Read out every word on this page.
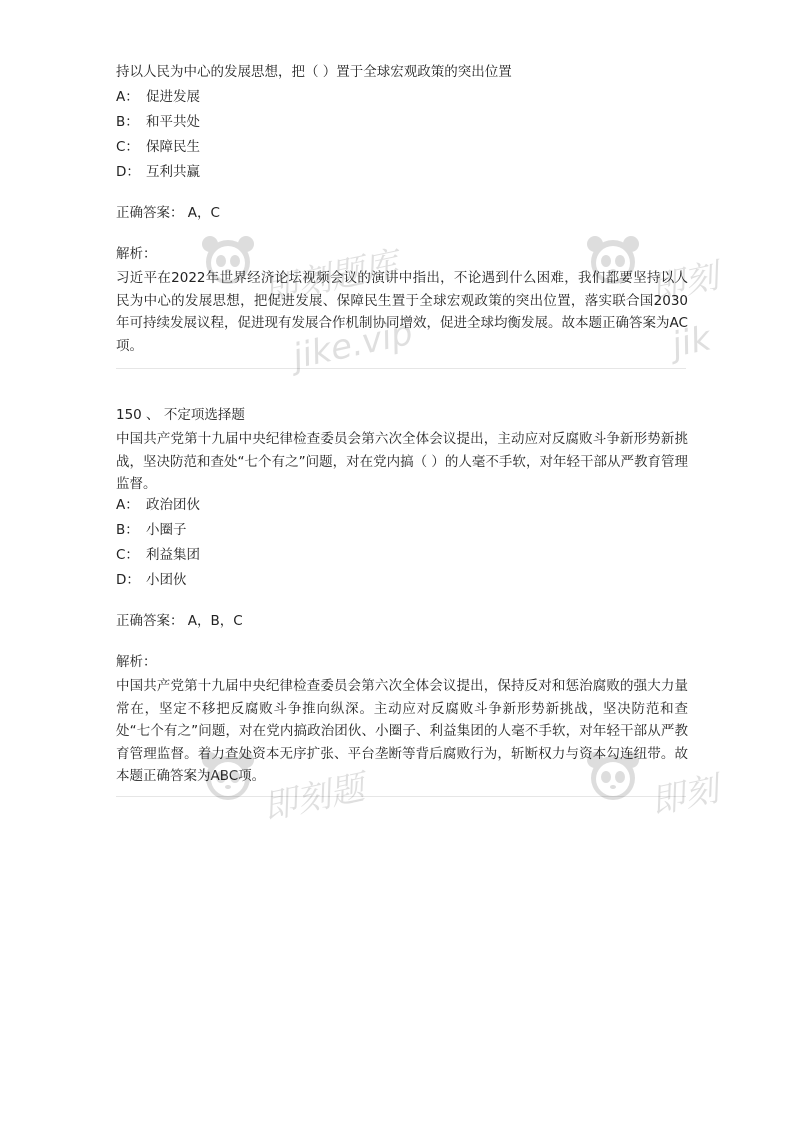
持以人民为中心的发展思想，把（ ）置于全球宏观政策的突出位置
A： 促进发展
B： 和平共处
C： 保障民生
D： 互利共赢
正确答案： A，C
解析：
习近平在2022年世界经济论坛视频会议的演讲中指出，不论遇到什么困难，我们都要坚持以人民为中心的发展思想，把促进发展、保障民生置于全球宏观政策的突出位置，落实联合国2030年可持续发展议程，促进现有发展合作机制协同增效，促进全球均衡发展。故本题正确答案为AC项。
150 、 不定项选择题
中国共产党第十九届中央纪律检查委员会第六次全体会议提出，主动应对反腐败斗争新形势新挑战，坚决防范和查处“七个有之”问题，对在党内搞（ ）的人毫不手软，对年轻干部从严教育管理监督。
A： 政治团伙
B： 小圈子
C： 利益集团
D： 小团伙
正确答案： A，B，C
解析：
中国共产党第十九届中央纪律检查委员会第六次全体会议提出，保持反对和惩治腐败的强大力量常在，坚定不移把反腐败斗争推向纵深。主动应对反腐败斗争新形势新挑战，坚决防范和查处“七个有之”问题，对在党内搞政治团伙、小圈子、利益集团的人毫不手软，对年轻干部从严教育管理监督。着力查处资本无序扩张、平台垄断等背后腐败行为，斩断权力与资本勾连纽带。故本题正确答案为ABC项。
即刻题库
jike.vip
即刻
jik
即刻题	即刻
